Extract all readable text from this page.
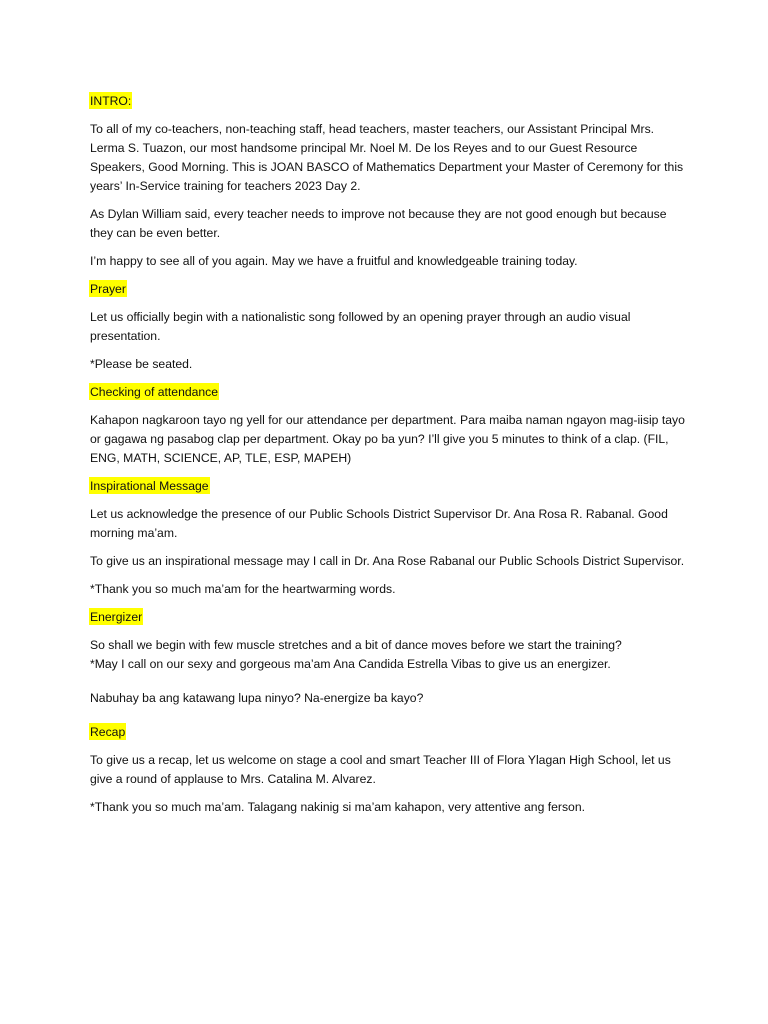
INTRO:

To all of my co-teachers, non-teaching staff, head teachers, master teachers, our Assistant Principal Mrs. Lerma S. Tuazon, our most handsome principal Mr. Noel M. De los Reyes and to our Guest Resource Speakers, Good Morning. This is JOAN BASCO of Mathematics Department your Master of Ceremony for this years’ In-Service training for teachers 2023 Day 2.

As Dylan William said, every teacher needs to improve not because they are not good enough but because they can be even better.

I’m happy to see all of you again. May we have a fruitful and knowledgeable training today.

Prayer

Let us officially begin with a nationalistic song followed by an opening prayer through an audio visual presentation.

*Please be seated.

Checking of attendance

Kahapon nagkaroon tayo ng yell for our attendance per department. Para maiba naman ngayon mag-iisip tayo or gagawa ng pasabog clap per department. Okay po ba yun? I’ll give you 5 minutes to think of a clap. (FIL, ENG, MATH, SCIENCE, AP, TLE, ESP, MAPEH)

Inspirational Message

Let us acknowledge the presence of our Public Schools District Supervisor Dr. Ana Rosa R. Rabanal. Good morning ma’am.

To give us an inspirational message may I call in Dr. Ana Rose Rabanal our Public Schools District Supervisor.

*Thank you so much ma’am for the heartwarming words.

Energizer

So shall we begin with few muscle stretches and a bit of dance moves before we start the training?

*May I call on our sexy and gorgeous ma’am Ana Candida Estrella Vibas to give us an energizer.

Nabuhay ba ang katawang lupa ninyo? Na-energize ba kayo?

Recap

To give us a recap, let us welcome on stage a cool and smart Teacher III of Flora Ylagan High School, let us give a round of applause to Mrs. Catalina M. Alvarez.

*Thank you so much ma’am. Talagang nakinig si ma’am kahapon, very attentive ang ferson.
